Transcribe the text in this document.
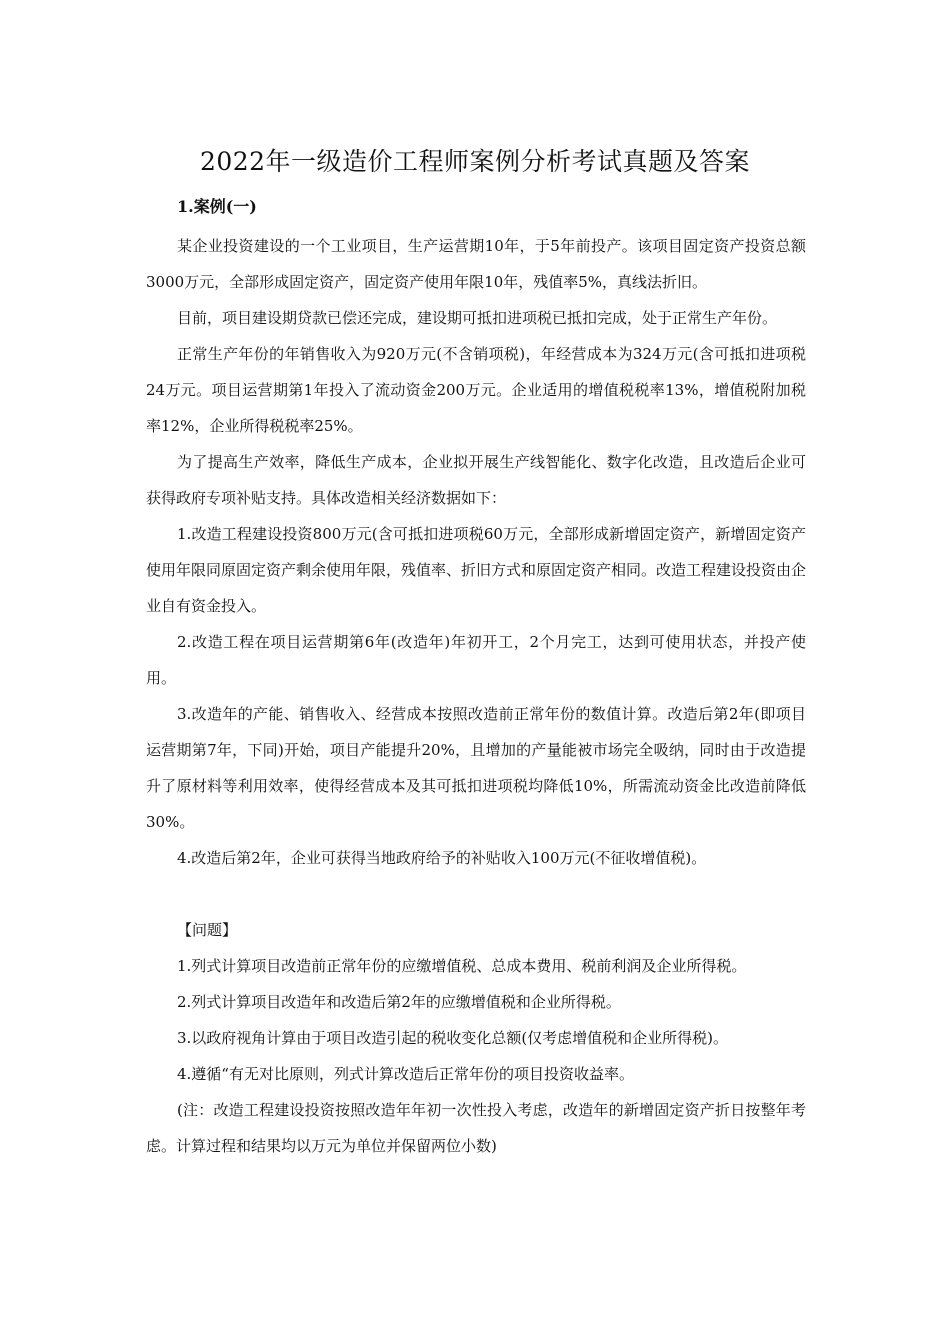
2022年一级造价工程师案例分析考试真题及答案
1.案例(一)

某企业投资建设的一个工业项目，生产运营期10年，于5年前投产。该项目固定资产投资总额3000万元，全部形成固定资产，固定资产使用年限10年，残值率5%，真线法折旧。

目前，项目建设期贷款已偿还完成，建设期可抵扣进项税已抵扣完成，处于正常生产年份。

正常生产年份的年销售收入为920万元(不含销项税)，年经营成本为324万元(含可抵扣进项税24万元。项目运营期第1年投入了流动资金200万元。企业适用的增值税税率13%，增值税附加税率12%，企业所得税税率25%。

为了提高生产效率，降低生产成本，企业拟开展生产线智能化、数字化改造，且改造后企业可获得政府专项补贴支持。具体改造相关经济数据如下：

1.改造工程建设投资800万元(含可抵扣进项税60万元，全部形成新增固定资产，新增固定资产使用年限同原固定资产剩余使用年限，残值率、折旧方式和原固定资产相同。改造工程建设投资由企业自有资金投入。

2.改造工程在项目运营期第6年(改造年)年初开工，2个月完工，达到可使用状态，并投产使用。

3.改造年的产能、销售收入、经营成本按照改造前正常年份的数值计算。改造后第2年(即项目运营期第7年，下同)开始，项目产能提升20%，且增加的产量能被市场完全吸纳，同时由于改造提升了原材料等利用效率，使得经营成本及其可抵扣进项税均降低10%，所需流动资金比改造前降低30%。

4.改造后第2年，企业可获得当地政府给予的补贴收入100万元(不征收增值税)。

【问题】

1.列式计算项目改造前正常年份的应缴增值税、总成本费用、税前利润及企业所得税。

2.列式计算项目改造年和改造后第2年的应缴增值税和企业所得税。

3.以政府视角计算由于项目改造引起的税收变化总额(仅考虑增值税和企业所得税)。

4.遵循“有无对比原则，列式计算改造后正常年份的项目投资收益率。

(注：改造工程建设投资按照改造年年初一次性投入考虑，改造年的新增固定资产折日按整年考虑。计算过程和结果均以万元为单位并保留两位小数)
